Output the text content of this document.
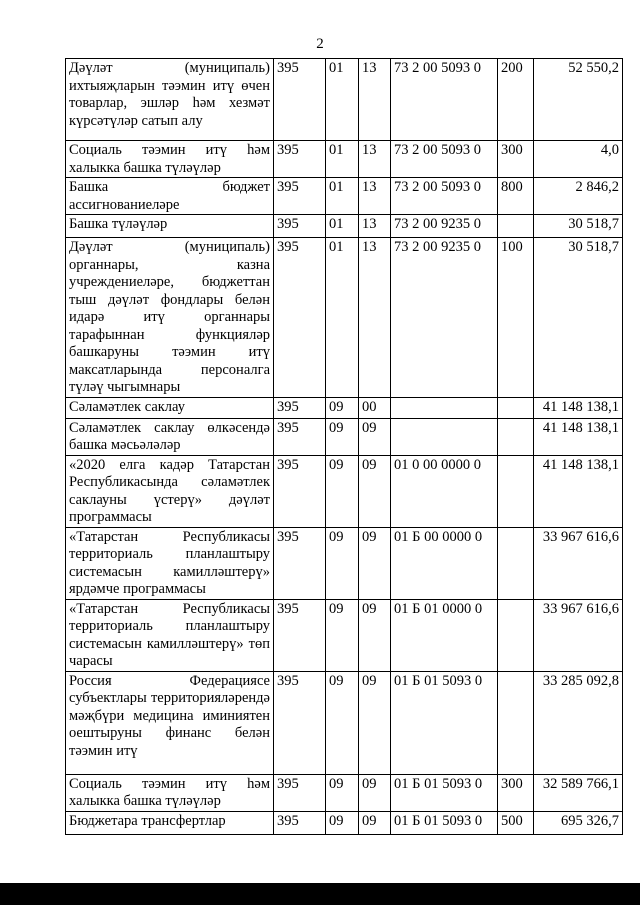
2
Дәүләт (муниципаль) ихтыяҗларын тәэмин итү өчен товарлар, эшләр һәм хезмәт күрсәтүләр сатып алу	395	01	13	73 2 00 5093 0	200	52 550,2
Социаль тәэмин итү һәм халыкка башка түләүләр	395	01	13	73 2 00 5093 0	300	4,0
Башка бюджет ассигнованиеләре	395	01	13	73 2 00 5093 0	800	2 846,2
Башка түләүләр	395	01	13	73 2 00 9235 0		30 518,7
Дәүләт (муниципаль) органнары, казна учреждениеләре, бюджеттан тыш дәүләт фондлары белән идарә итү органнары тарафыннан функцияләр башкаруны тәэмин итү максатларында персоналга түләү чыгымнары	395	01	13	73 2 00 9235 0	100	30 518,7
Сәламәтлек саклау	395	09	00			41 148 138,1
Сәламәтлек саклау өлкәсендә башка мәсьәләләр	395	09	09			41 148 138,1
«2020 елга кадәр Татарстан Республикасында сәламәтлек саклауны үстерү» дәүләт программасы	395	09	09	01 0 00 0000 0		41 148 138,1
«Татарстан Республикасы территориаль планлаштыру системасын камилләштерү» ярдәмче программасы	395	09	09	01 Б 00 0000 0		33 967 616,6
«Татарстан Республикасы территориаль планлаштыру системасын камилләштерү» төп чарасы	395	09	09	01 Б 01 0000 0		33 967 616,6
Россия Федерациясе субъектлары территорияләрендә мәҗбүри медицина иминиятен оештыруны финанс белән тәэмин итү	395	09	09	01 Б 01 5093 0		33 285 092,8
Социаль тәэмин итү һәм халыкка башка түләүләр	395	09	09	01 Б 01 5093 0	300	32 589 766,1
Бюджетара трансфертлар	395	09	09	01 Б 01 5093 0	500	695 326,7
